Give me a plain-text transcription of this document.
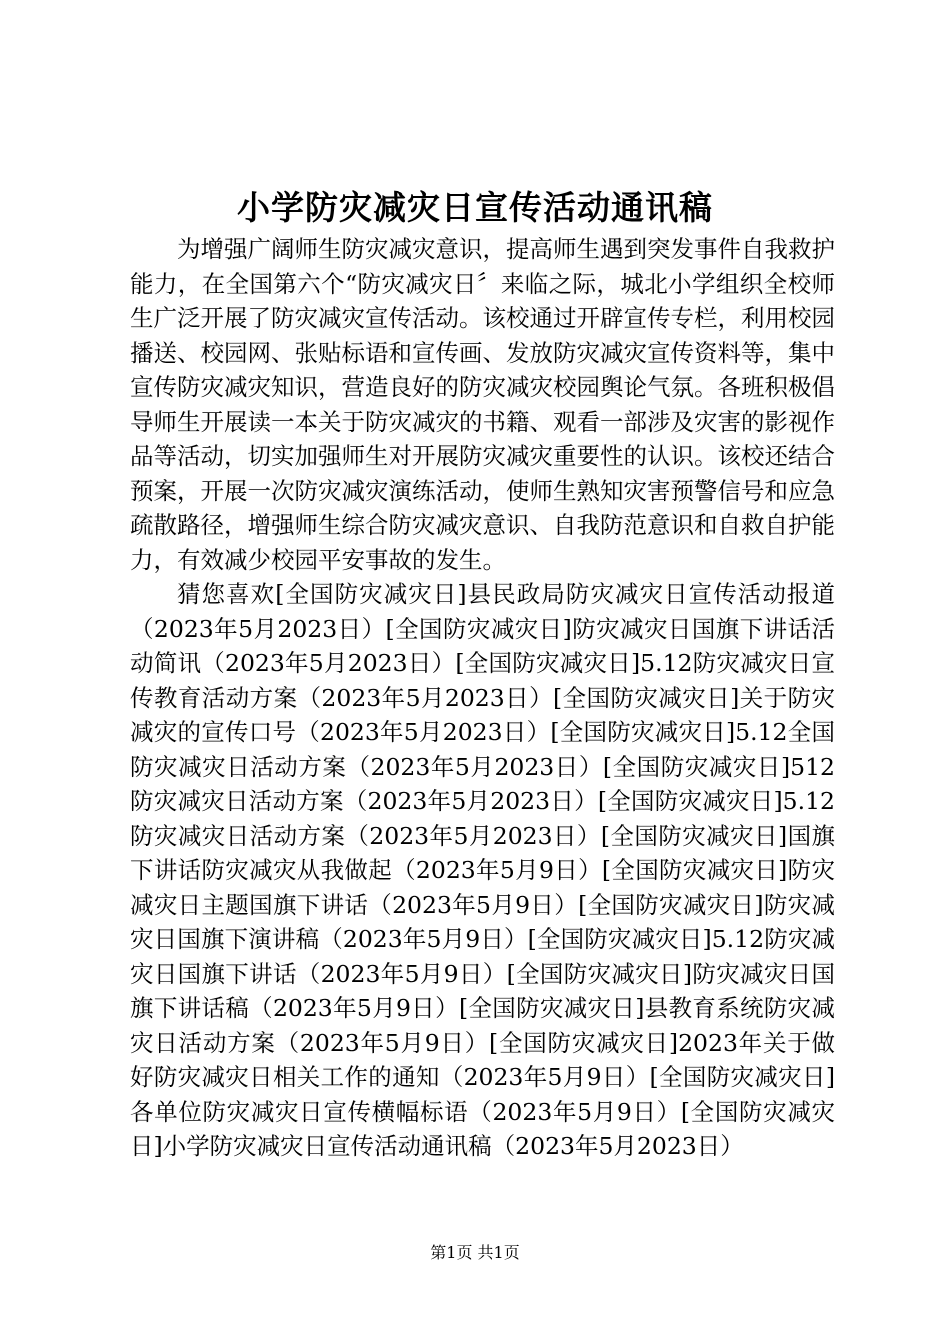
小学防灾减灾日宣传活动通讯稿

为增强广阔师生防灾减灾意识，提高师生遇到突发事件自我救护能力，在全国第六个“防灾减灾日〞来临之际，城北小学组织全校师生广泛开展了防灾减灾宣传活动。该校通过开辟宣传专栏，利用校园播送、校园网、张贴标语和宣传画、发放防灾减灾宣传资料等，集中宣传防灾减灾知识，营造良好的防灾减灾校园舆论气氛。各班积极倡导师生开展读一本关于防灾减灾的书籍、观看一部涉及灾害的影视作品等活动，切实加强师生对开展防灾减灾重要性的认识。该校还结合预案，开展一次防灾减灾演练活动，使师生熟知灾害预警信号和应急疏散路径，增强师生综合防灾减灾意识、自我防范意识和自救自护能力，有效减少校园平安事故的发生。

猜您喜欢[全国防灾减灾日]县民政局防灾减灾日宣传活动报道（2023年5月2023日）[全国防灾减灾日]防灾减灾日国旗下讲话活动简讯（2023年5月2023日）[全国防灾减灾日]5.12防灾减灾日宣传教育活动方案（2023年5月2023日）[全国防灾减灾日]关于防灾减灾的宣传口号（2023年5月2023日）[全国防灾减灾日]5.12全国防灾减灾日活动方案（2023年5月2023日）[全国防灾减灾日]512防灾减灾日活动方案（2023年5月2023日）[全国防灾减灾日]5.12防灾减灾日活动方案（2023年5月2023日）[全国防灾减灾日]国旗下讲话防灾减灾从我做起（2023年5月9日）[全国防灾减灾日]防灾减灾日主题国旗下讲话（2023年5月9日）[全国防灾减灾日]防灾减灾日国旗下演讲稿（2023年5月9日）[全国防灾减灾日]5.12防灾减灾日国旗下讲话（2023年5月9日）[全国防灾减灾日]防灾减灾日国旗下讲话稿（2023年5月9日）[全国防灾减灾日]县教育系统防灾减灾日活动方案（2023年5月9日）[全国防灾减灾日]2023年关于做好防灾减灾日相关工作的通知（2023年5月9日）[全国防灾减灾日]各单位防灾减灾日宣传横幅标语（2023年5月9日）[全国防灾减灾日]小学防灾减灾日宣传活动通讯稿（2023年5月2023日）

第1页 共1页
